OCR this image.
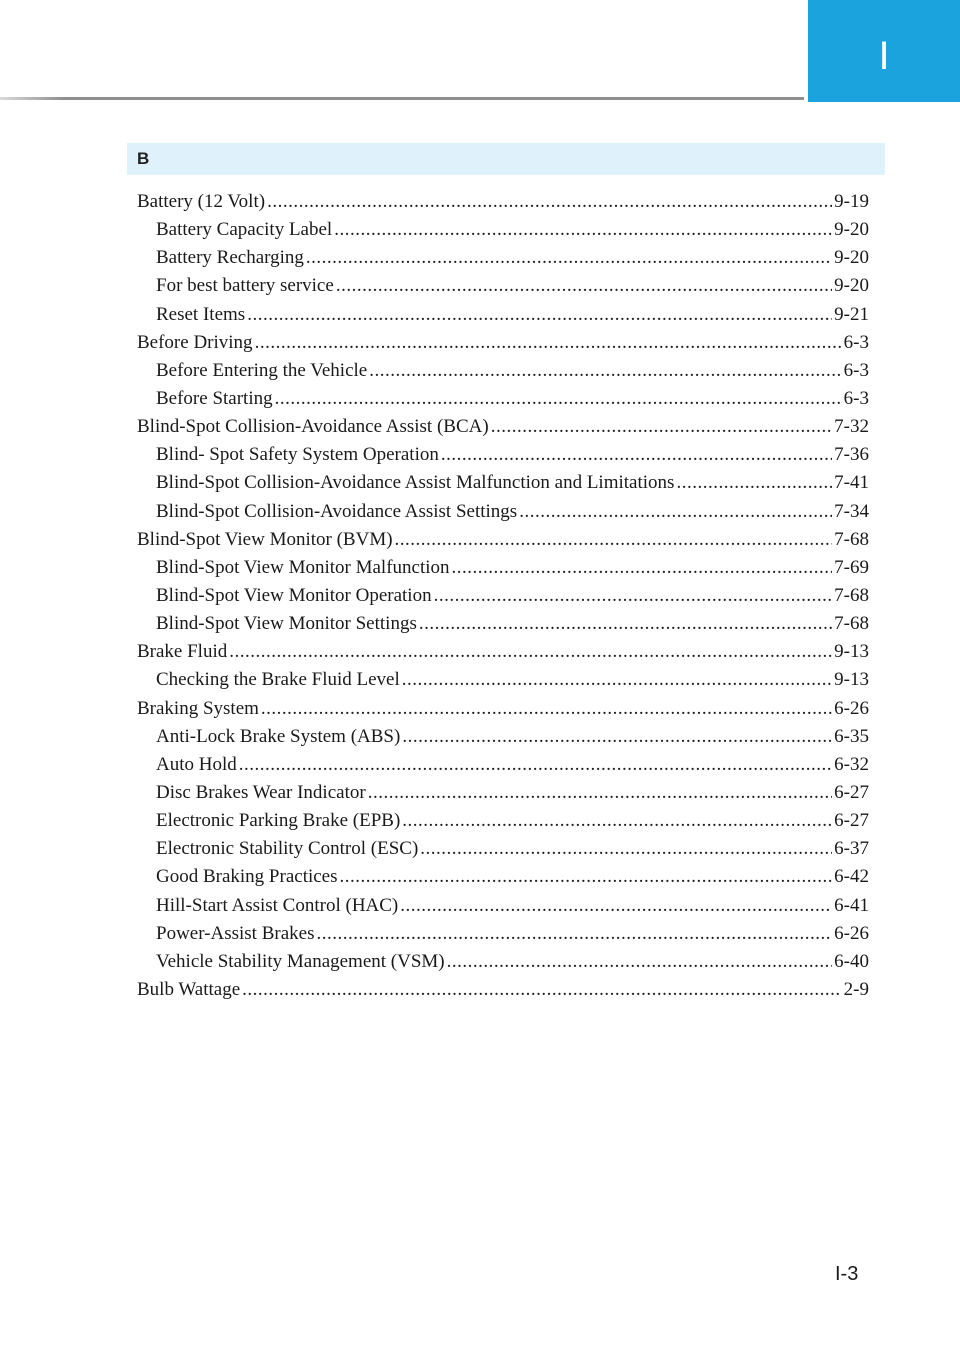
I
B
Battery (12 Volt) .....	9-19
Battery Capacity Label .....	9-20
Battery Recharging .....	9-20
For best battery service .....	9-20
Reset Items .....	9-21
Before Driving .....	6-3
Before Entering the Vehicle .....	6-3
Before Starting .....	6-3
Blind-Spot Collision-Avoidance Assist (BCA) .....	7-32
Blind- Spot Safety System Operation .....	7-36
Blind-Spot Collision-Avoidance Assist Malfunction and Limitations .....	7-41
Blind-Spot Collision-Avoidance Assist Settings .....	7-34
Blind-Spot View Monitor (BVM) .....	7-68
Blind-Spot View Monitor Malfunction .....	7-69
Blind-Spot View Monitor Operation .....	7-68
Blind-Spot View Monitor Settings .....	7-68
Brake Fluid .....	9-13
Checking the Brake Fluid Level .....	9-13
Braking System .....	6-26
Anti-Lock Brake System (ABS) .....	6-35
Auto Hold .....	6-32
Disc Brakes Wear Indicator .....	6-27
Electronic Parking Brake (EPB) .....	6-27
Electronic Stability Control (ESC) .....	6-37
Good Braking Practices .....	6-42
Hill-Start Assist Control (HAC) .....	6-41
Power-Assist Brakes .....	6-26
Vehicle Stability Management (VSM) .....	6-40
Bulb Wattage .....	2-9
I-3
